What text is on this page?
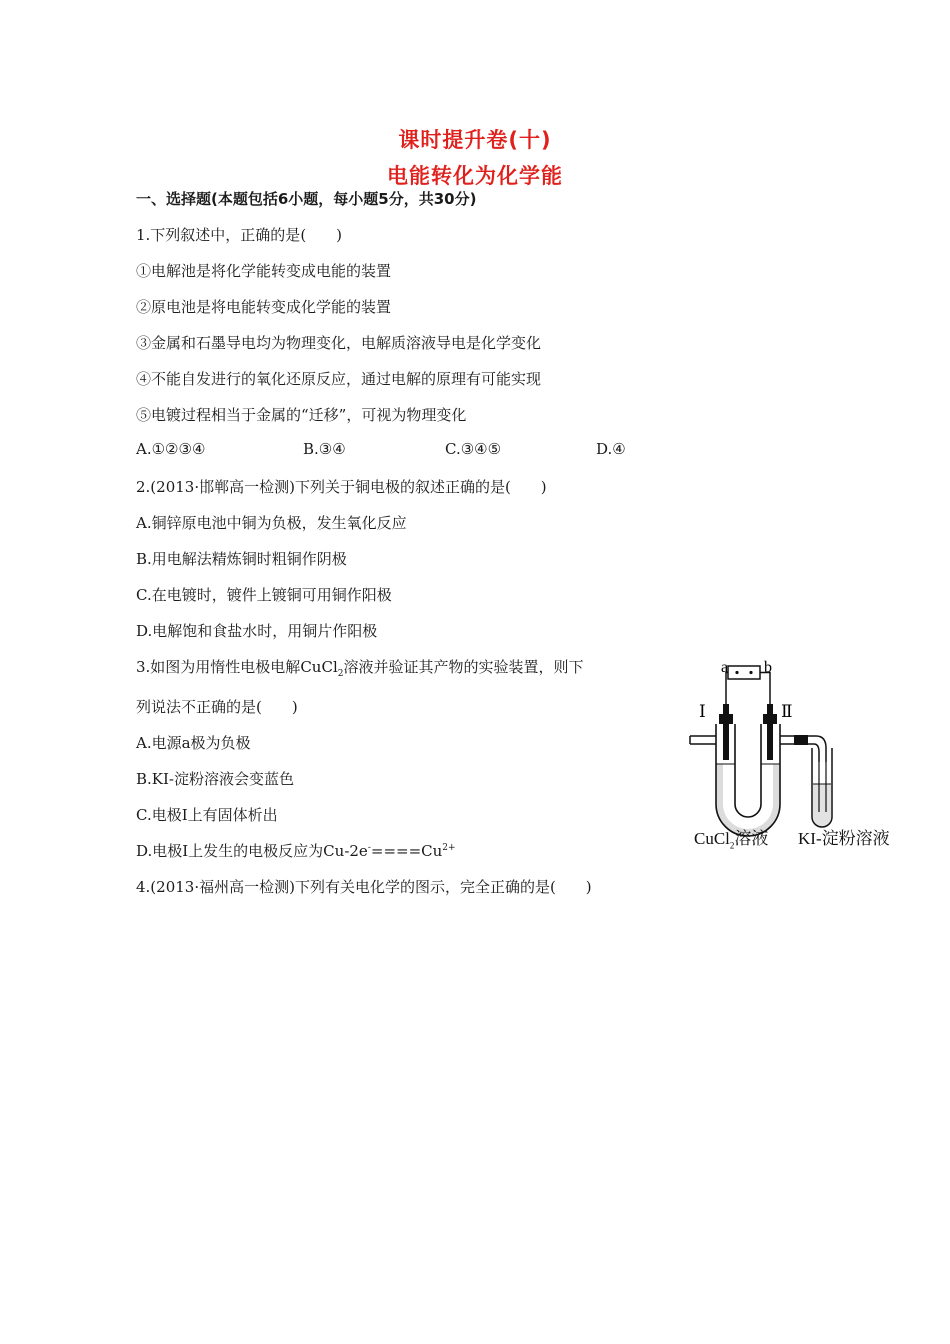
课时提升卷(十)
电能转化为化学能
一、选择题(本题包括6小题，每小题5分，共30分)
1.下列叙述中，正确的是(　　)
①电解池是将化学能转变成电能的装置
②原电池是将电能转变成化学能的装置
③金属和石墨导电均为物理变化，电解质溶液导电是化学变化
④不能自发进行的氧化还原反应，通过电解的原理有可能实现
⑤电镀过程相当于金属的“迁移”，可视为物理变化
A.①②③④	B.③④	C.③④⑤	D.④
2.(2013·邯郸高一检测)下列关于铜电极的叙述正确的是(　　)
A.铜锌原电池中铜为负极，发生氧化反应
B.用电解法精炼铜时粗铜作阴极
C.在电镀时，镀件上镀铜可用铜作阳极
D.电解饱和食盐水时，用铜片作阳极
3.如图为用惰性电极电解CuCl$_2$溶液并验证其产物的实验装置，则下
列说法不正确的是(　　)
A.电源a极为负极
B.KI-淀粉溶液会变蓝色
C.电极Ⅰ上有固体析出
D.电极Ⅰ上发生的电极反应为$Cu-2e^-====Cu^{2+}$
4.(2013·福州高一检测)下列有关电化学的图示，完全正确的是(　　)
a b
Ⅰ	Ⅱ
CuCl$_2$溶液 KI-淀粉溶液
